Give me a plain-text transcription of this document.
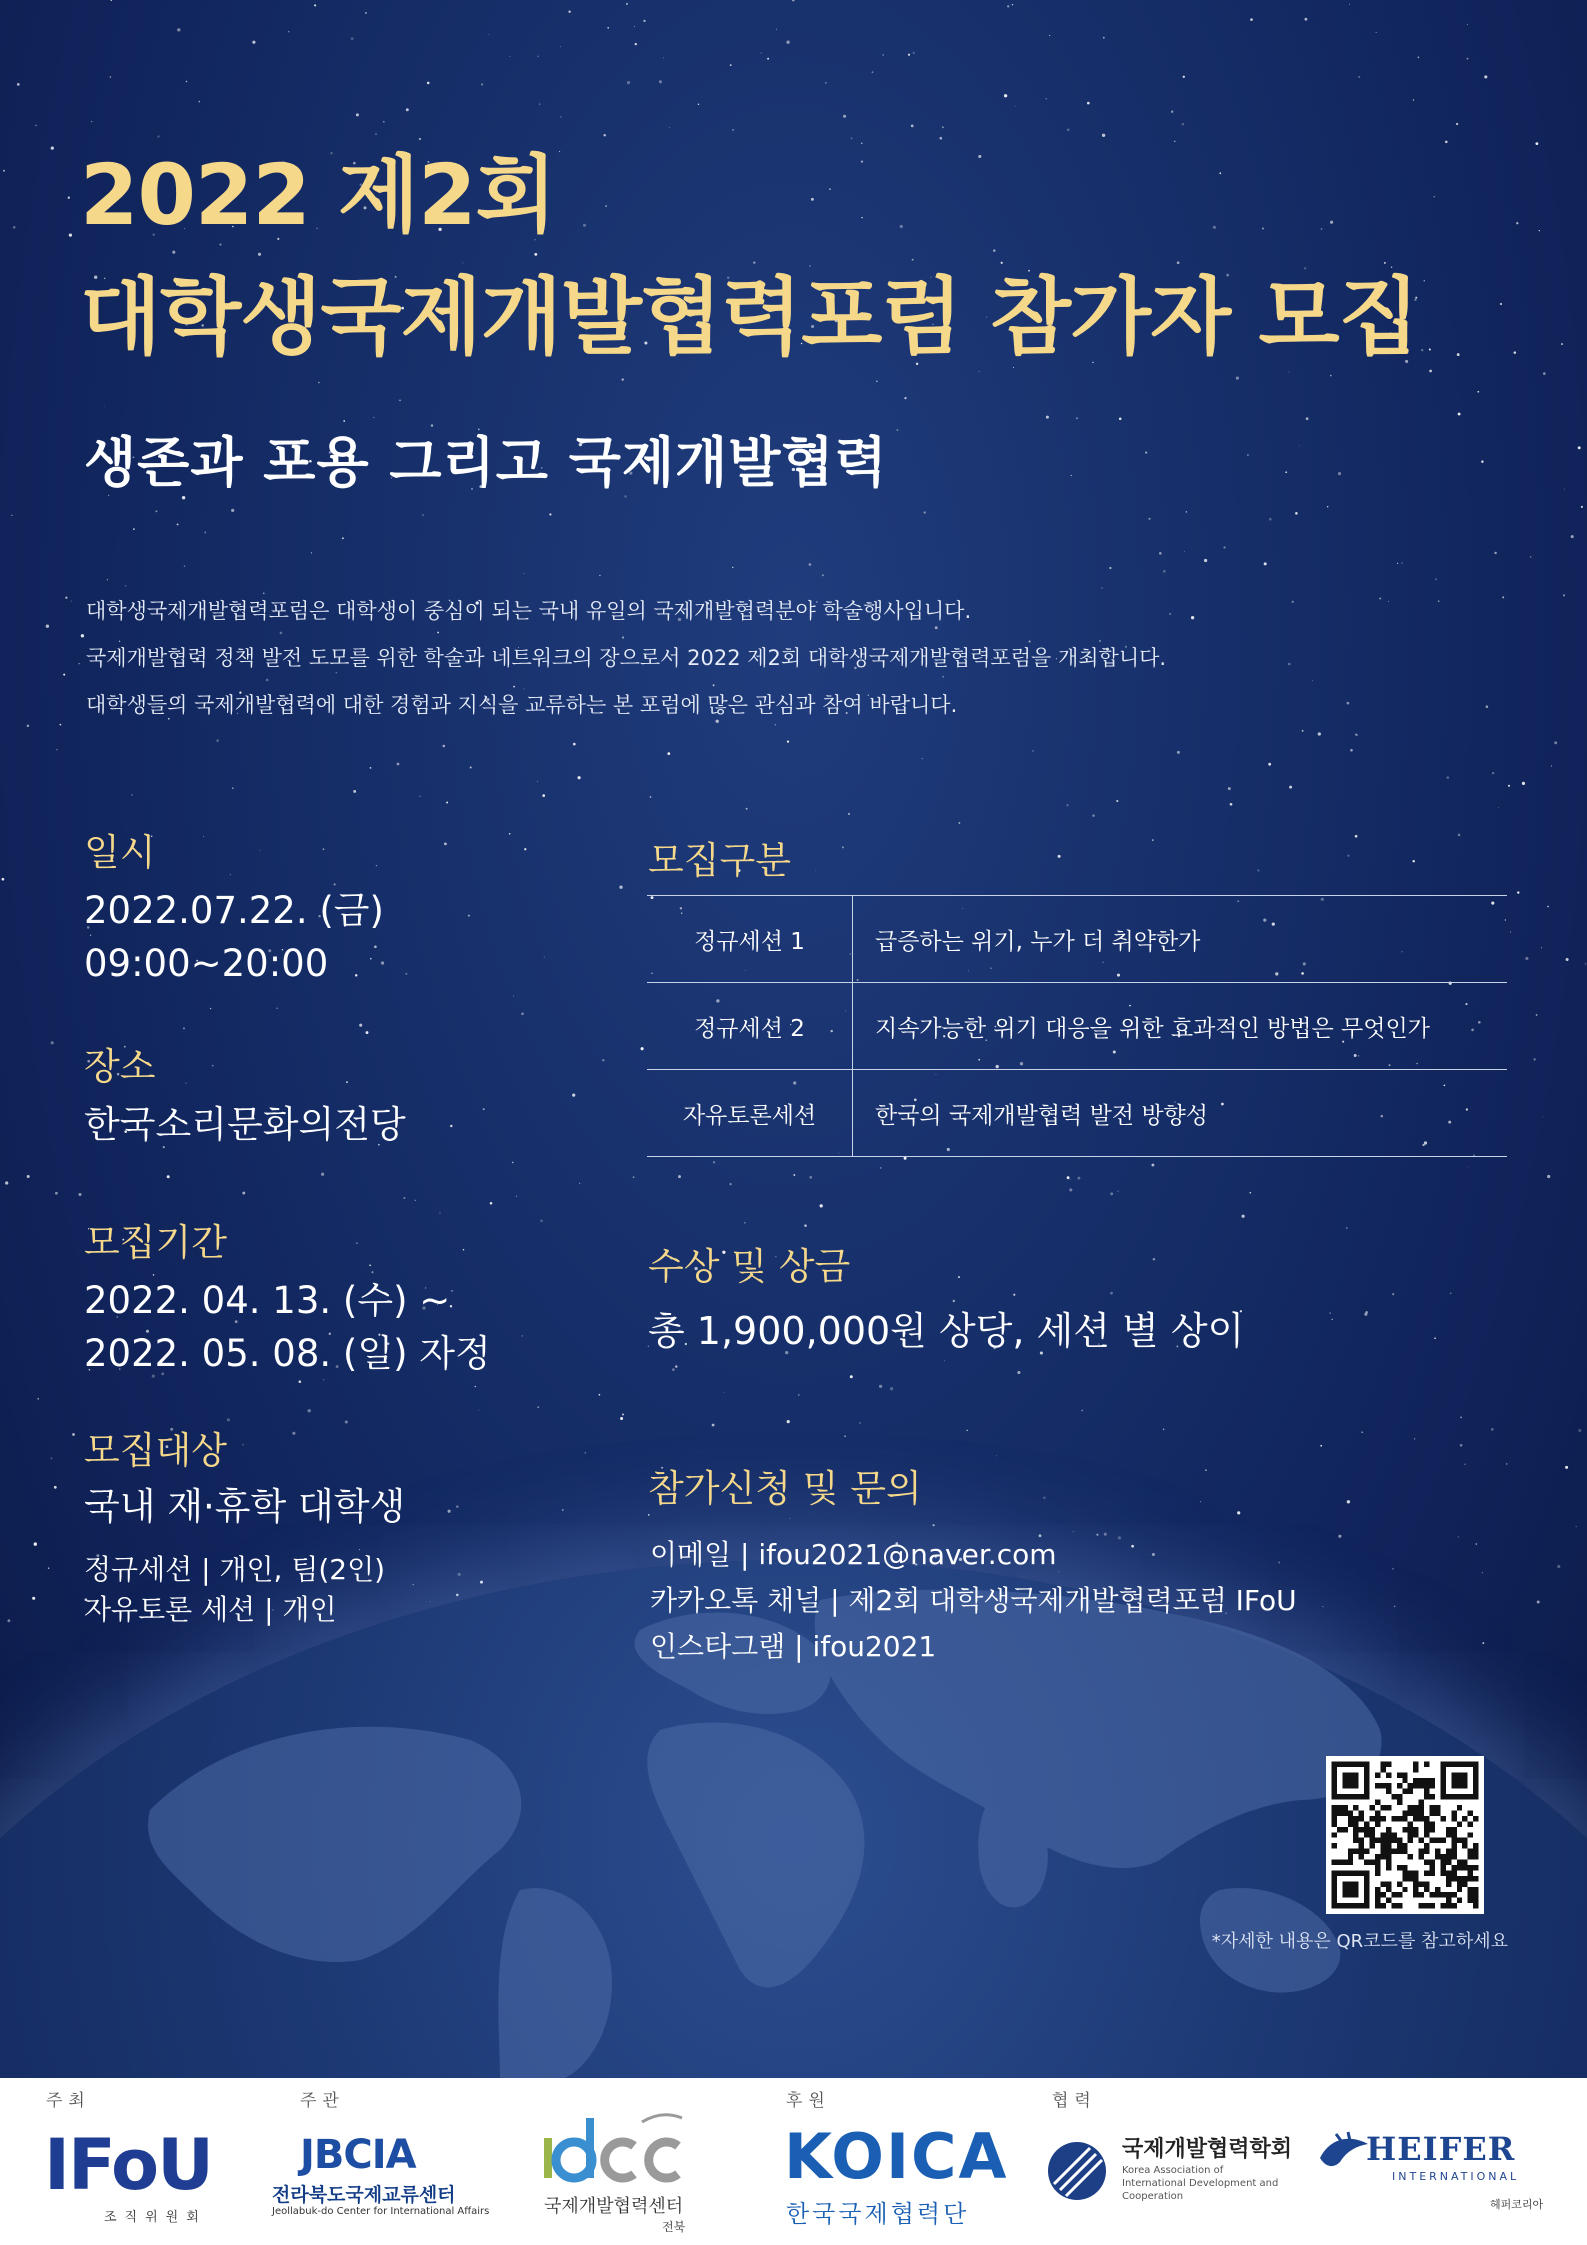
2022 제2회
대학생국제개발협력포럼 참가자 모집
생존과 포용 그리고 국제개발협력

대학생국제개발협력포럼은 대학생이 중심이 되는 국내 유일의 국제개발협력분야 학술행사입니다.

국제개발협력 정책 발전 도모를 위한 학술과 네트워크의 장으로서 2022 제2회 대학생국제개발협력포럼을 개최합니다.

대학생들의 국제개발협력에 대한 경험과 지식을 교류하는 본 포럼에 많은 관심과 참여 바랍니다.

일시

2022.07.22. (금)

09:00~20:00

장소

한국소리문화의전당

모집기간

2022. 04. 13. (수) ~

2022. 05. 08. (일) 자정

모집대상

국내 재·휴학 대학생

정규세션 | 개인, 팀(2인)

자유토론 세션 | 개인

모집구분
정규세션 1	급증하는 위기, 누가 더 취약한가
정규세션 2	지속가능한 위기 대응을 위한 효과적인 방법은 무엇인가
자유토론세션	한국의 국제개발협력 발전 방향성
수상 및 상금

총 1,900,000원 상당, 세션 별 상이

참가신청 및 문의

이메일 | ifou2021@naver.com

카카오톡 채널 | 제2회 대학생국제개발협력포럼 IFoU

인스타그램 | ifou2021

*자세한 내용은 QR코드를 참고하세요
주최	주관	후원	협력
IFoU
조직위원회
JBCIA
전라북도국제교류센터
Jeollabuk-do Center for International Affairs	국제개발협력센터
전북
KOICA
한국국제협력단
국제개발협력학회
Korea Association of
International Development and
Cooperation
HEIFER
INTERNATIONAL
헤퍼코리아
